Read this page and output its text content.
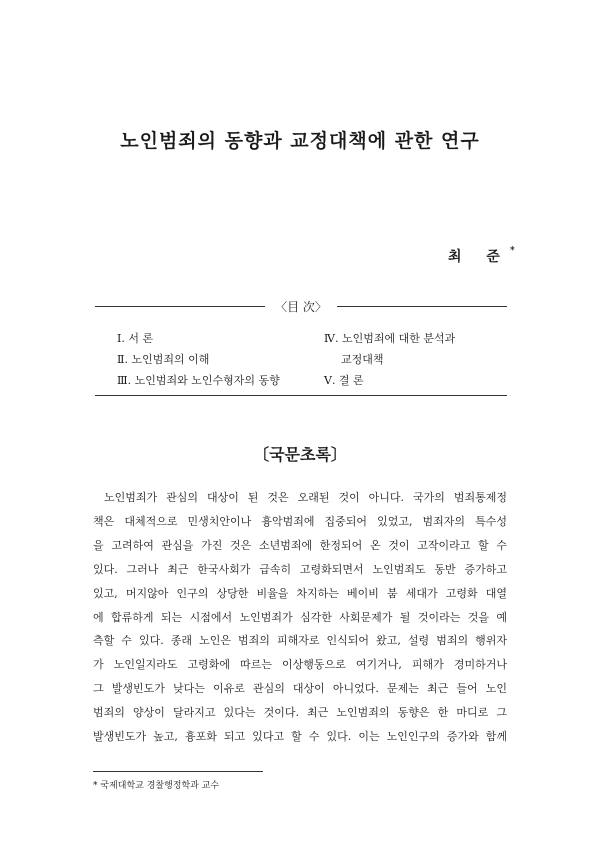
노인범죄의 동향과 교정대책에 관한 연구
최 준*
〈目 次〉
Ⅰ. 서 론
Ⅱ. 노인범죄의 이해
Ⅲ. 노인범죄와 노인수형자의 동향
Ⅳ. 노인범죄에 대한 분석과
교정대책
Ⅴ. 결 론
〔국문초록〕

노인범죄가 관심의 대상이 된 것은 오래된 것이 아니다. 국가의 범죄통제정
책은 대체적으로 민생치안이나 흉악범죄에 집중되어 있었고, 범죄자의 특수성
을 고려하여 관심을 가진 것은 소년범죄에 한정되어 온 것이 고작이라고 할 수
있다. 그러나 최근 한국사회가 급속히 고령화되면서 노인범죄도 동반 증가하고
있고, 머지않아 인구의 상당한 비율을 차지하는 베이비 붐 세대가 고령화 대열
에 합류하게 되는 시점에서 노인범죄가 심각한 사회문제가 될 것이라는 것을 예
측할 수 있다. 종래 노인은 범죄의 피해자로 인식되어 왔고, 설령 범죄의 행위자
가 노인일지라도 고령화에 따르는 이상행동으로 여기거나, 피해가 경미하거나
그 발생빈도가 낮다는 이유로 관심의 대상이 아니었다. 문제는 최근 들어 노인
범죄의 양상이 달라지고 있다는 것이다. 최근 노인범죄의 동향은 한 마디로 그
발생빈도가 높고, 흉포화 되고 있다고 할 수 있다. 이는 노인인구의 증가와 함께

* 국제대학교 경찰행정학과 교수
